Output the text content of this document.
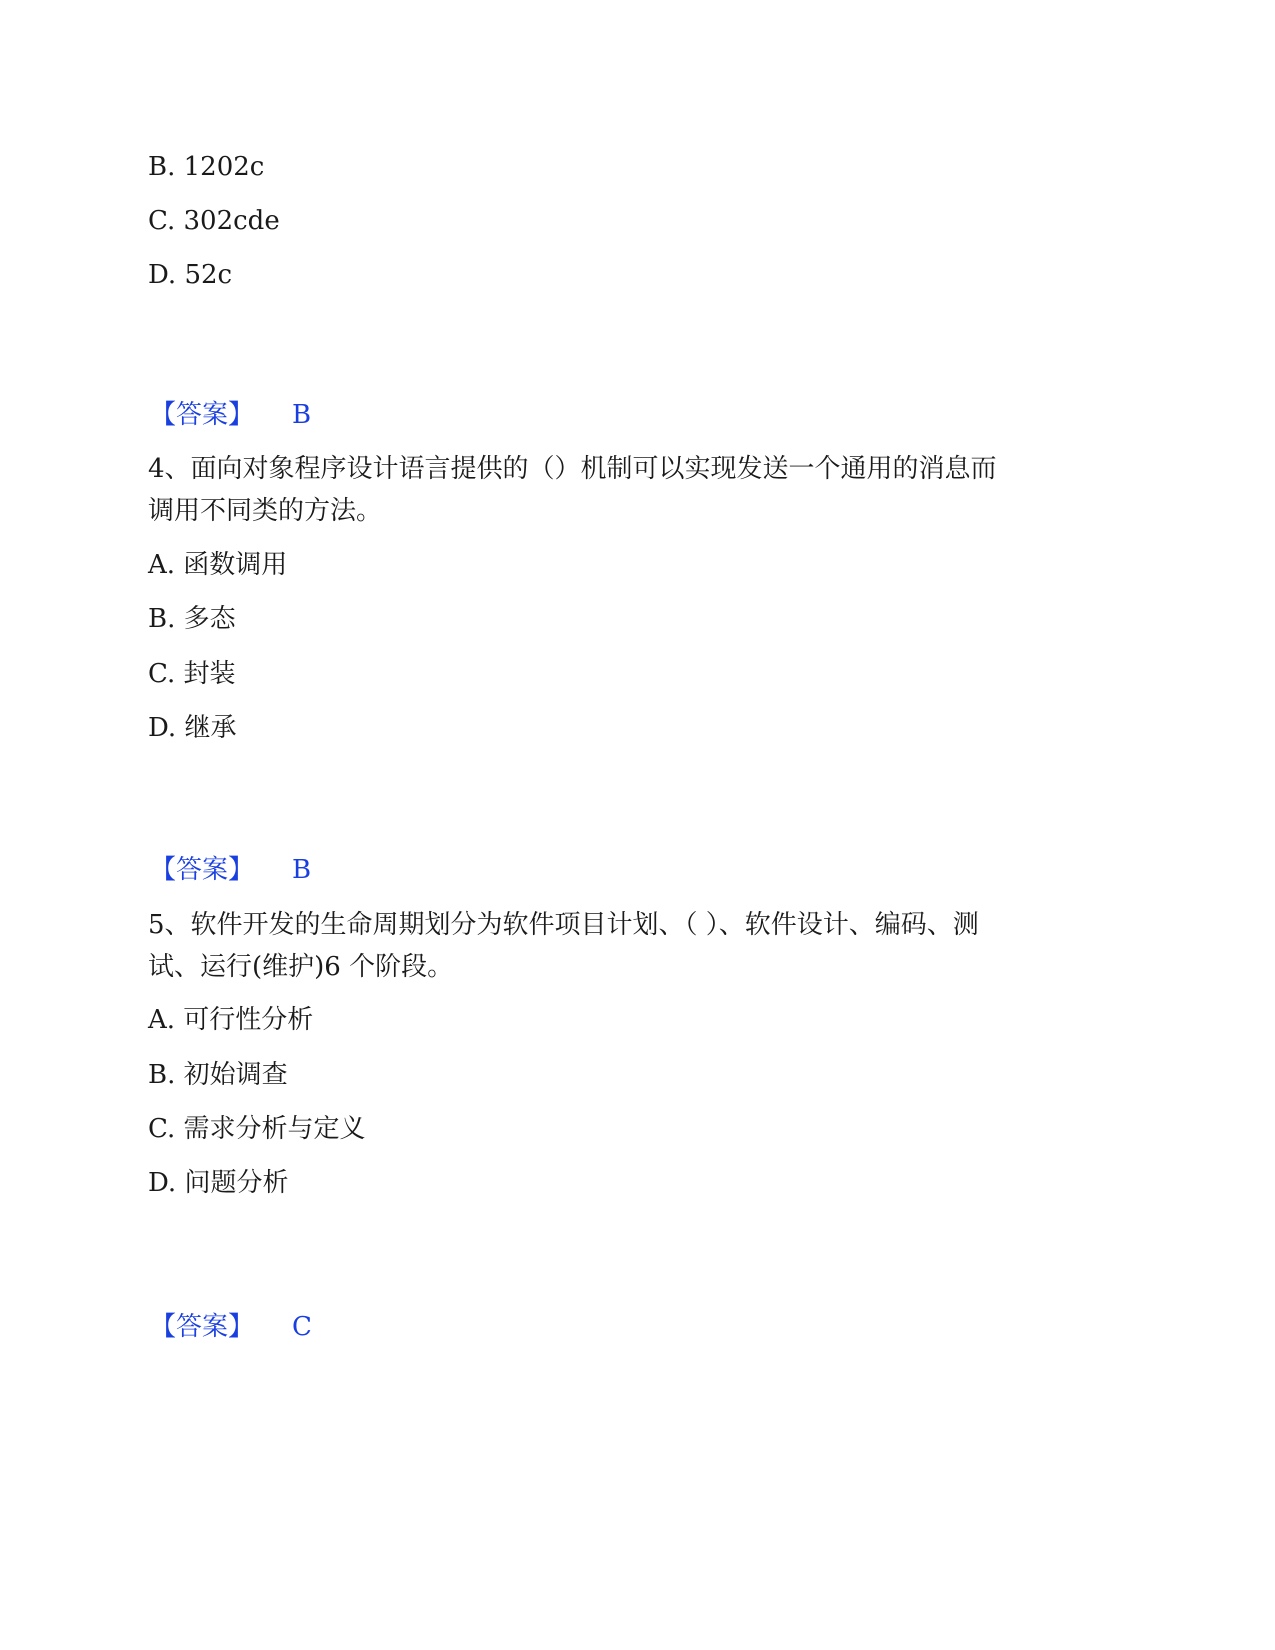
B. 1202c
C. 302cde
D. 52c
【答案】 B
4、面向对象程序设计语言提供的（）机制可以实现发送一个通用的消息而
调用不同类的方法。
A. 函数调用
B. 多态
C. 封装
D. 继承
【答案】 B
5、软件开发的生命周期划分为软件项目计划、（ ）、软件设计、编码、测
试、运行(维护)6 个阶段。
A. 可行性分析
B. 初始调查
C. 需求分析与定义
D. 问题分析
【答案】 C
